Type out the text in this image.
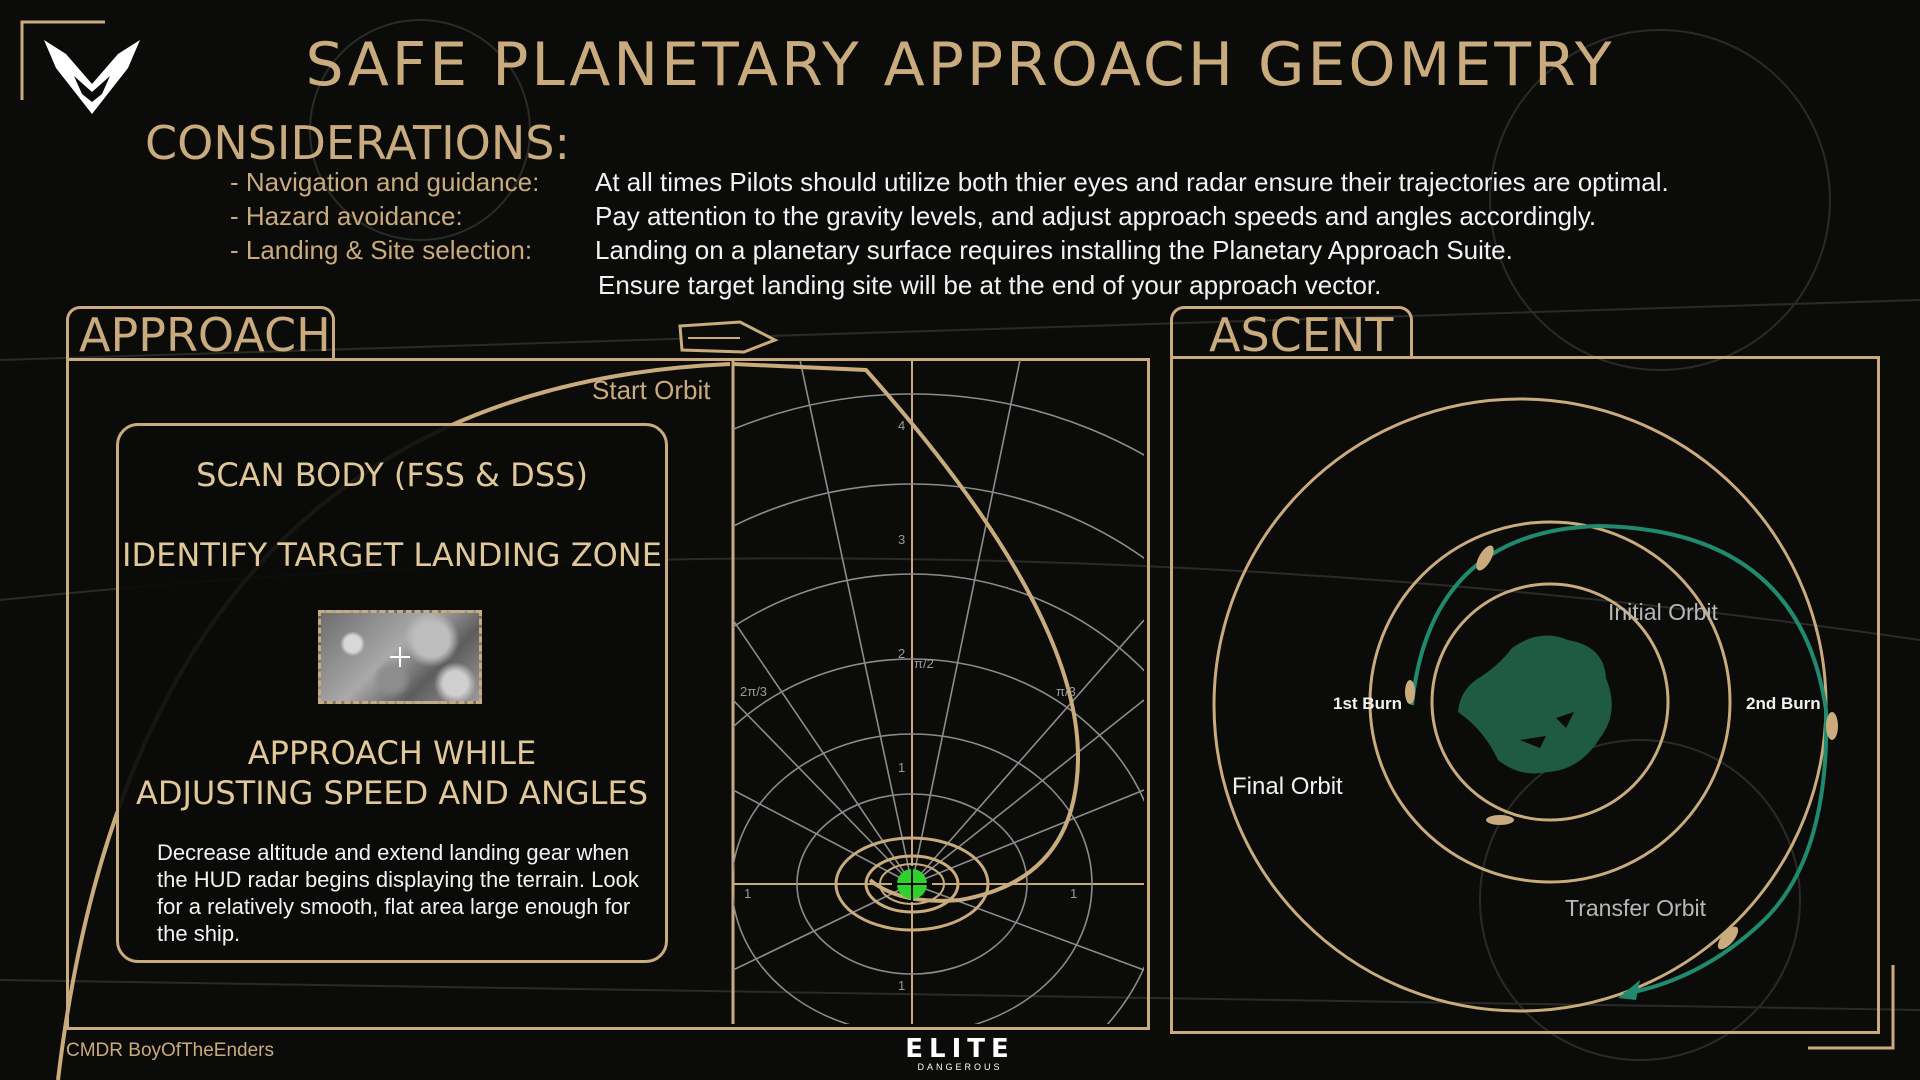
SAFE PLANETARY APPROACH GEOMETRY
CONSIDERATIONS:
- Navigation and guidance: At all times Pilots should utilize both thier eyes and radar ensure their trajectories are optimal.
- Hazard avoidance:	Pay attention to the gravity levels, and adjust approach speeds and angles accordingly.
- Landing & Site selection: Landing on a planetary surface requires installing the Planetary Approach Suite.
Ensure target landing site will be at the end of your approach vector.
APPROACH
4
3
2
1
1
1	1
π/2
2π/3	π/3
Start Orbit
SCAN BODY (FSS & DSS)
IDENTIFY TARGET LANDING ZONE
APPROACH WHILE
ADJUSTING SPEED AND ANGLES
Decrease altitude and extend landing gear when the HUD radar begins displaying the terrain. Look for a relatively smooth, flat area large enough for the ship.
ASCENT
Initial Orbit
1st Burn	2nd Burn
Final Orbit
Transfer Orbit
CMDR BoyOfTheEnders	ELITE
DANGEROUS
